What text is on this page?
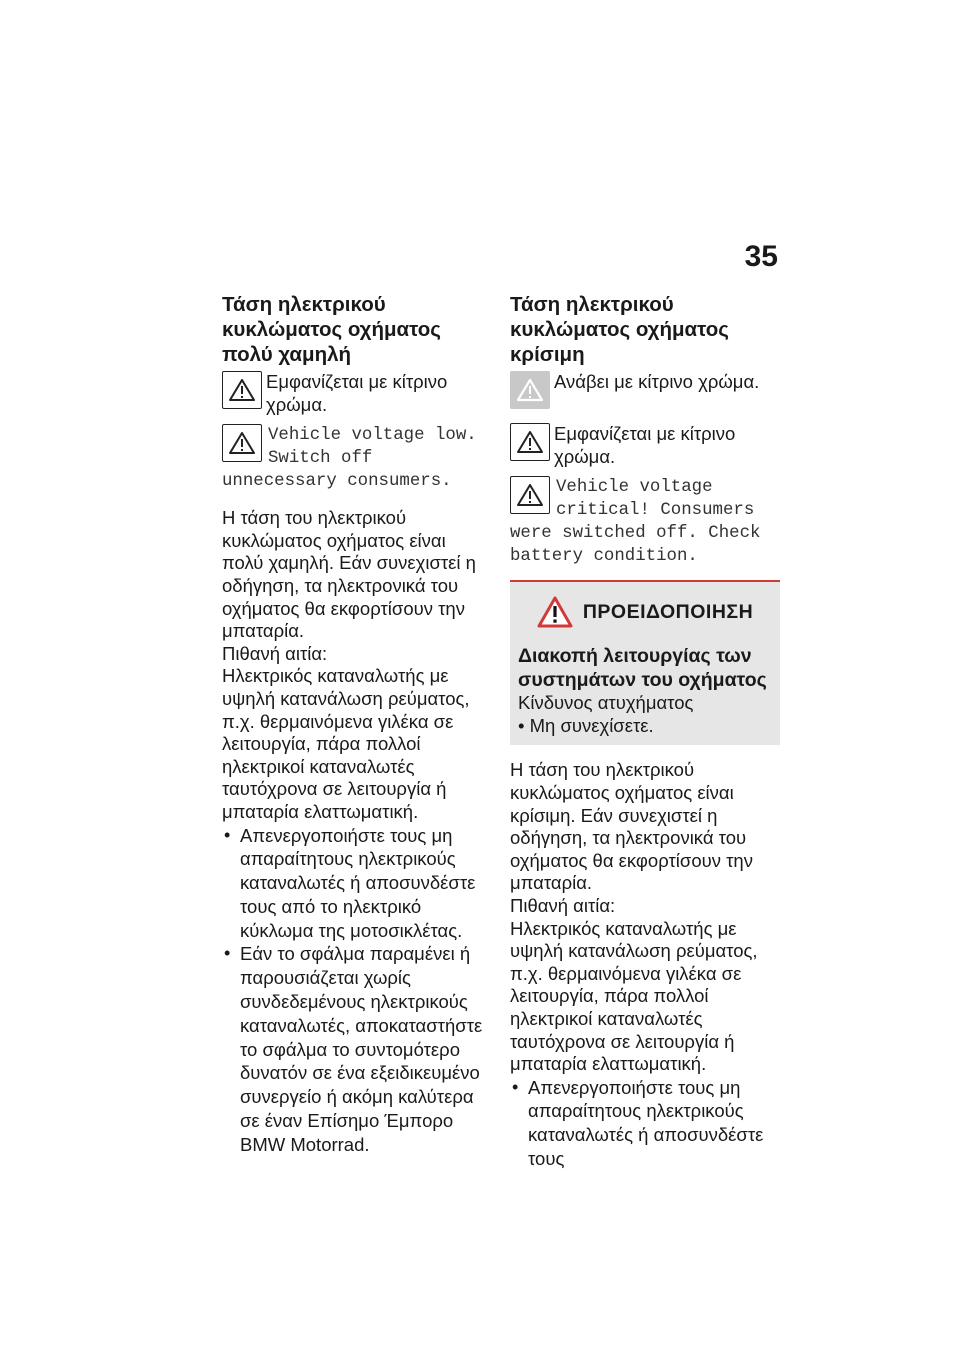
35

Τάση ηλεκτρικού κυκλώματος οχήματος πολύ χαμηλή

Εμφανίζεται με κίτρινο χρώμα.

Vehicle voltage low. Switch off unnecessary consumers.

Η τάση του ηλεκτρικού κυκλώματος οχήματος είναι πολύ χαμηλή. Εάν συνεχιστεί η οδήγηση, τα ηλεκτρονικά του οχήματος θα εκφορτίσουν την μπαταρία.

Πιθανή αιτία:

Ηλεκτρικός καταναλωτής με υψηλή κατανάλωση ρεύματος, π.χ. θερμαινόμενα γιλέκα σε λειτουργία, πάρα πολλοί ηλεκτρικοί καταναλωτές ταυτόχρονα σε λειτουργία ή μπαταρία ελαττωματική.

• Απενεργοποιήστε τους μη απαραίτητους ηλεκτρικούς καταναλωτές ή αποσυνδέστε τους από το ηλεκτρικό κύκλωμα της μοτοσικλέτας.
• Εάν το σφάλμα παραμένει ή παρουσιάζεται χωρίς συνδεδεμένους ηλεκτρικούς καταναλωτές, αποκαταστήστε το σφάλμα το συντομότερο δυνατόν σε ένα εξειδικευμένο συνεργείο ή ακόμη καλύτερα σε έναν Επίσημο Έμπορο BMW Motorrad.

Τάση ηλεκτρικού κυκλώματος οχήματος κρίσιμη

Ανάβει με κίτρινο χρώμα.

Εμφανίζεται με κίτρινο χρώμα.

Vehicle voltage critical! Consumers were switched off. Check battery condition.

ΠΡΟΕΙΔΟΠΟΙΗΣΗ

Διακοπή λειτουργίας των συστημάτων του οχήματος

Κίνδυνος ατυχήματος

• Μη συνεχίσετε.

Η τάση του ηλεκτρικού κυκλώματος οχήματος είναι κρίσιμη. Εάν συνεχιστεί η οδήγηση, τα ηλεκτρονικά του οχήματος θα εκφορτίσουν την μπαταρία.

Πιθανή αιτία:

Ηλεκτρικός καταναλωτής με υψηλή κατανάλωση ρεύματος, π.χ. θερμαινόμενα γιλέκα σε λειτουργία, πάρα πολλοί ηλεκτρικοί καταναλωτές ταυτόχρονα σε λειτουργία ή μπαταρία ελαττωματική.

• Απενεργοποιήστε τους μη απαραίτητους ηλεκτρικούς καταναλωτές ή αποσυνδέστε τους
